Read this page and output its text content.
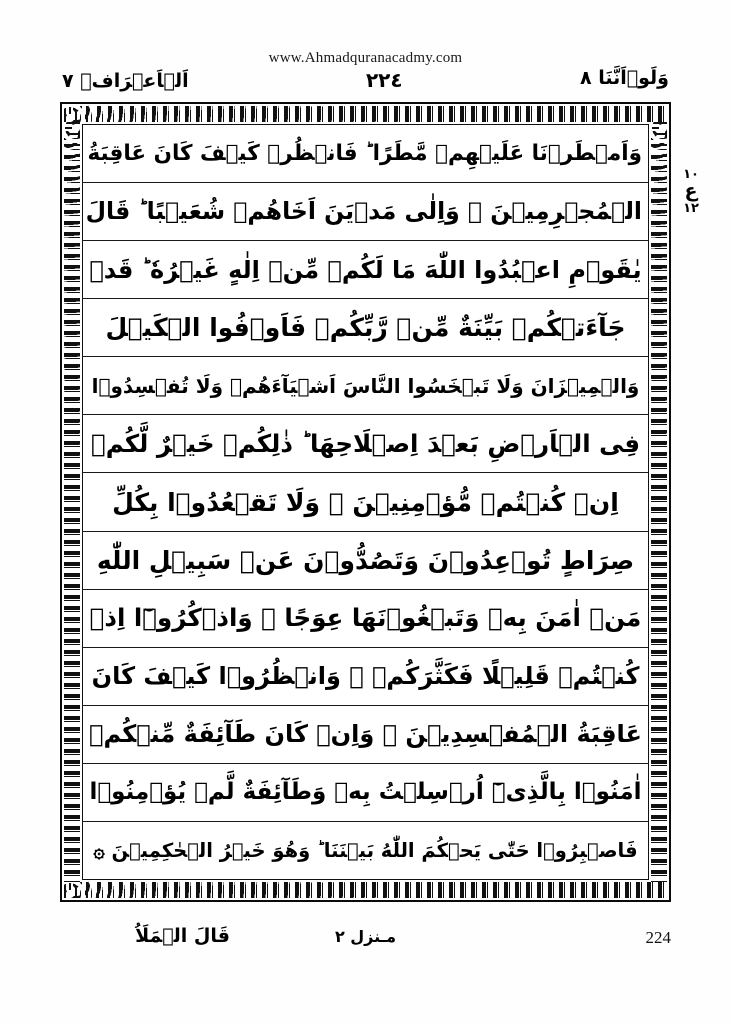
www.Ahmadquranacadmy.com
وَلَوۡاَنَّنَا ٨
٢٢٤
اَلۡاَعۡرَافۡ ٧
وَاَمۡطَرۡنَا عَلَيۡهِمۡ مَّطَرًا ؕ فَانۡظُرۡ كَيۡفَ كَانَ عَاقِبَةُ
الۡمُجۡرِمِيۡنَ ۞ وَاِلٰى مَدۡيَنَ اَخَاهُمۡ شُعَيۡبًا ؕ قَالَ
يٰقَوۡمِ اعۡبُدُوا اللّٰهَ مَا لَكُمۡ مِّنۡ اِلٰهٍ غَيۡرُهٗ ؕ قَدۡ
جَآءَتۡكُمۡ بَيِّنَةٌ مِّنۡ رَّبِّكُمۡ فَاَوۡفُوا الۡكَيۡلَ
وَالۡمِيۡزَانَ وَلَا تَبۡخَسُوا النَّاسَ اَشۡيَآءَهُمۡ وَلَا تُفۡسِدُوۡا
فِى الۡاَرۡضِ بَعۡدَ اِصۡلَاحِهَا ؕ ذٰلِكُمۡ خَيۡرٌ لَّكُمۡ
اِنۡ كُنۡتُمۡ مُّؤۡمِنِيۡنَ ۞ وَلَا تَقۡعُدُوۡا بِكُلِّ
صِرَاطٍ تُوۡعِدُوۡنَ وَتَصُدُّوۡنَ عَنۡ سَبِيۡلِ اللّٰهِ
مَنۡ اٰمَنَ بِهٖ وَتَبۡغُوۡنَهَا عِوَجًا ۚ وَاذۡكُرُوۡٓا اِذۡ
كُنۡتُمۡ قَلِيۡلًا فَكَثَّرَكُمۡ ۪ وَانۡظُرُوۡا كَيۡفَ كَانَ
عَاقِبَةُ الۡمُفۡسِدِيۡنَ ۞ وَاِنۡ كَانَ طَآئِفَةٌ مِّنۡكُمۡ
اٰمَنُوۡا بِالَّذِىۡٓ اُرۡسِلۡتُ بِهٖ وَطَآئِفَةٌ لَّمۡ يُؤۡمِنُوۡا
فَاصۡبِرُوۡا حَتّٰى يَحۡكُمَ اللّٰهُ بَيۡنَنَا ؕ وَهُوَ خَيۡرُ الۡحٰكِمِيۡنَ ۞
١٠
ع
١٢
قَالَ الۡمَلَاُ	مـنزل ٢	224
